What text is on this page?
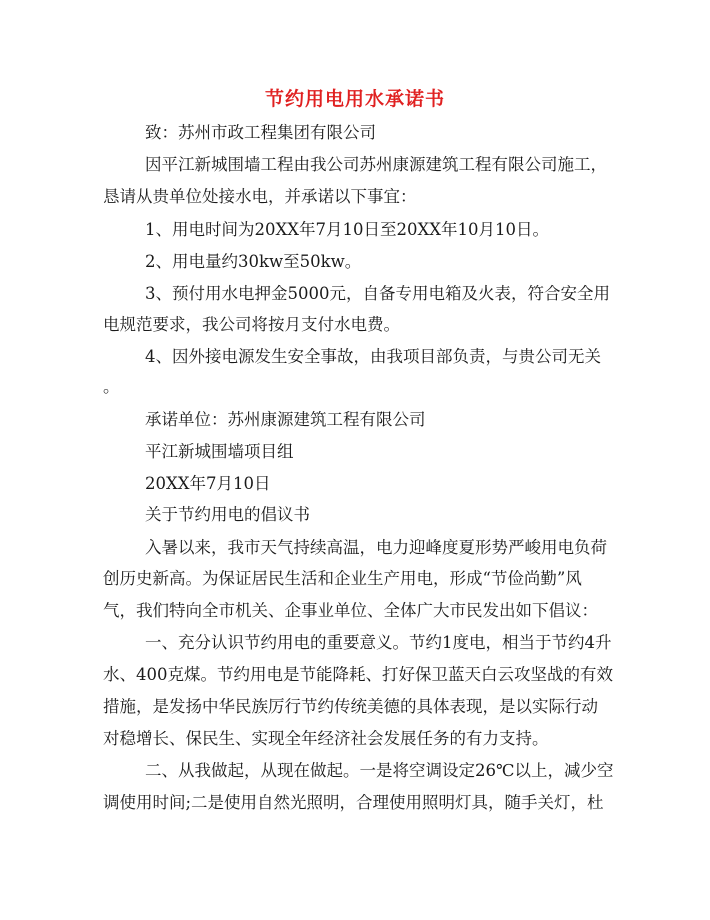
节约用电用水承诺书

致：苏州市政工程集团有限公司

因平江新城围墙工程由我公司苏州康源建筑工程有限公司施工，

恳请从贵单位处接水电，并承诺以下事宜：

1、用电时间为20XX年7月10日至20XX年10月10日。

2、用电量约30kw至50kw。

3、预付用水电押金5000元，自备专用电箱及火表，符合安全用

电规范要求，我公司将按月支付水电费。

4、因外接电源发生安全事故，由我项目部负责，与贵公司无关

。

承诺单位：苏州康源建筑工程有限公司

平江新城围墙项目组

20XX年7月10日

关于节约用电的倡议书

入暑以来，我市天气持续高温，电力迎峰度夏形势严峻用电负荷

创历史新高。为保证居民生活和企业生产用电，形成“节俭尚勤”风

气，我们特向全市机关、企事业单位、全体广大市民发出如下倡议：

一、充分认识节约用电的重要意义。节约1度电，相当于节约4升

水、400克煤。节约用电是节能降耗、打好保卫蓝天白云攻坚战的有效

措施，是发扬中华民族厉行节约传统美德的具体表现，是以实际行动

对稳增长、保民生、实现全年经济社会发展任务的有力支持。

二、从我做起，从现在做起。一是将空调设定26℃以上，减少空

调使用时间;二是使用自然光照明，合理使用照明灯具，随手关灯，杜
